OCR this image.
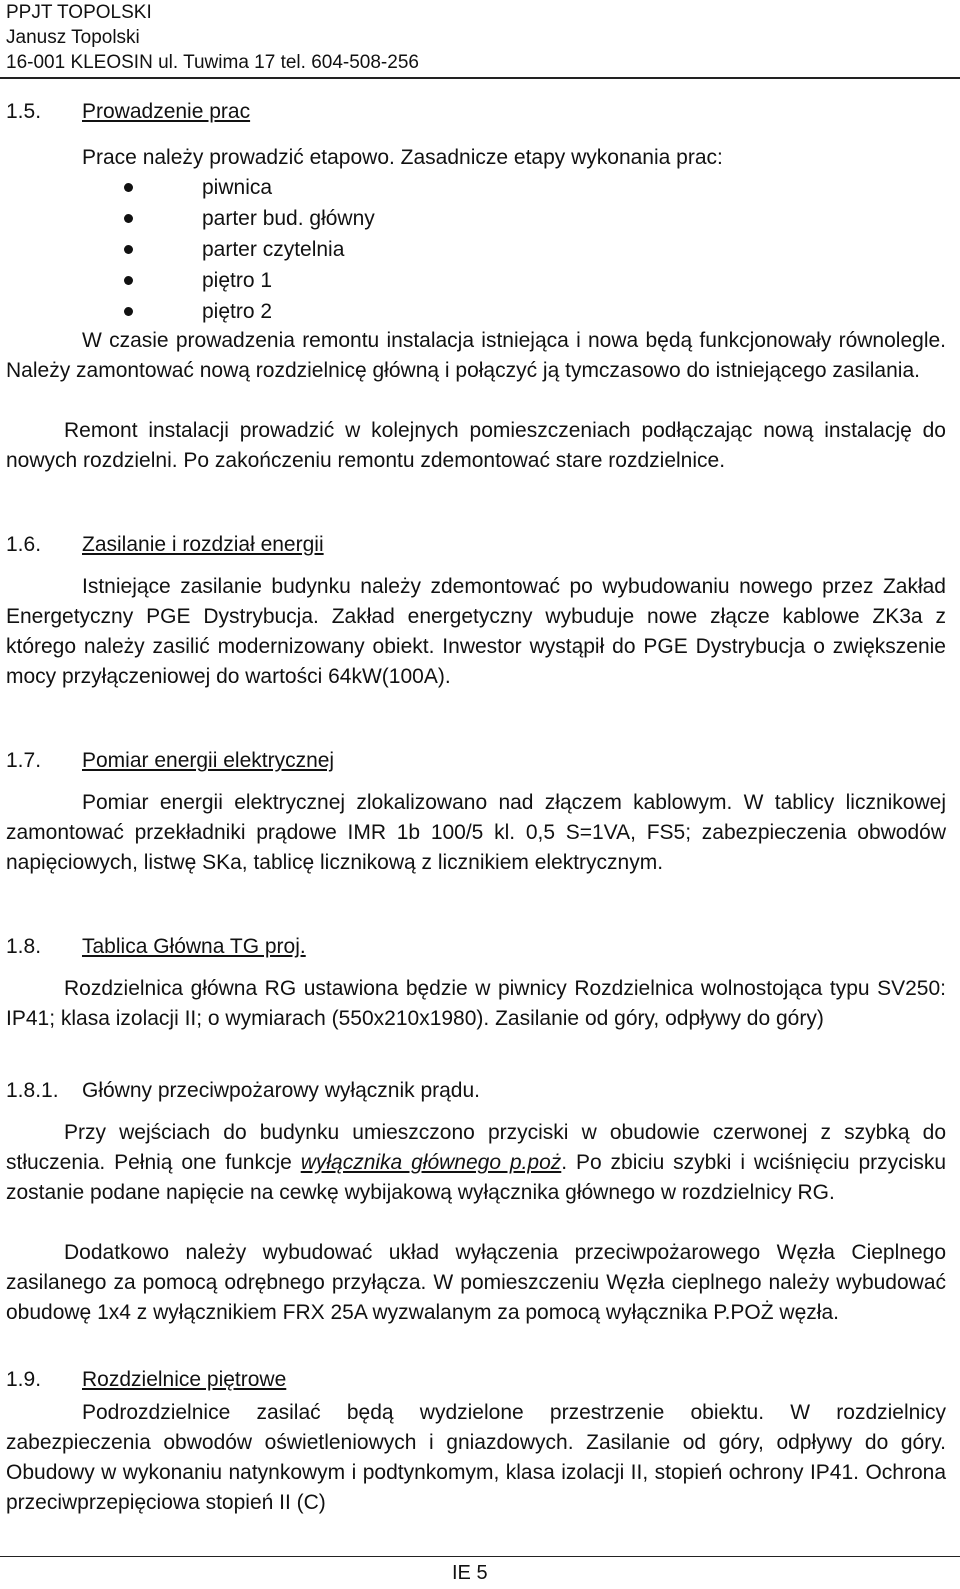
PPJT TOPOLSKI
Janusz Topolski
16-001 KLEOSIN ul. Tuwima 17 tel. 604-508-256
1.5. Prowadzenie prac
Prace należy prowadzić etapowo. Zasadnicze etapy wykonania prac:
piwnica
parter bud. główny
parter czytelnia
piętro 1
piętro 2
W czasie prowadzenia remontu instalacja istniejąca i nowa będą funkcjonowały równolegle. Należy zamontować nową rozdzielnicę główną i połączyć ją tymczasowo do istniejącego zasilania.
Remont instalacji prowadzić w kolejnych pomieszczeniach podłączając nową instalację do nowych rozdzielni. Po zakończeniu remontu zdemontować stare rozdzielnice.
1.6. Zasilanie i rozdział energii
Istniejące zasilanie budynku należy zdemontować po wybudowaniu nowego przez Zakład Energetyczny PGE Dystrybucja. Zakład energetyczny wybuduje nowe złącze kablowe ZK3a z którego należy zasilić modernizowany obiekt. Inwestor wystąpił do PGE Dystrybucja o zwiększenie mocy przyłączeniowej do wartości 64kW(100A).
1.7. Pomiar energii elektrycznej
Pomiar energii elektrycznej zlokalizowano nad złączem kablowym. W tablicy licznikowej zamontować przekładniki prądowe IMR 1b 100/5 kl. 0,5 S=1VA, FS5; zabezpieczenia obwodów napięciowych, listwę SKa, tablicę licznikową z licznikiem elektrycznym.
1.8. Tablica Główna TG proj.
Rozdzielnica główna RG ustawiona będzie w piwnicy Rozdzielnica wolnostojąca typu SV250: IP41; klasa izolacji II; o wymiarach (550x210x1980). Zasilanie od góry, odpływy do góry)
1.8.1. Główny przeciwpożarowy wyłącznik prądu.
Przy wejściach do budynku umieszczono przyciski w obudowie czerwonej z szybką do stłuczenia. Pełnią one funkcje wyłącznika głównego p.poż. Po zbiciu szybki i wciśnięciu przycisku zostanie podane napięcie na cewkę wybijakową wyłącznika głównego w rozdzielnicy RG.
Dodatkowo należy wybudować układ wyłączenia przeciwpożarowego Węzła Cieplnego zasilanego za pomocą odrębnego przyłącza. W pomieszczeniu Węzła cieplnego należy wybudować obudowę 1x4 z wyłącznikiem FRX 25A wyzwalanym za pomocą wyłącznika P.POŻ węzła.
1.9. Rozdzielnice piętrowe
Podrozdzielnice zasilać będą wydzielone przestrzenie obiektu. W rozdzielnicy zabezpieczenia obwodów oświetleniowych i gniazdowych. Zasilanie od góry, odpływy do góry. Obudowy w wykonaniu natynkowym i podtynkomym, klasa izolacji II, stopień ochrony IP41. Ochrona przeciwprzepięciowa stopień II (C)
IE 5
